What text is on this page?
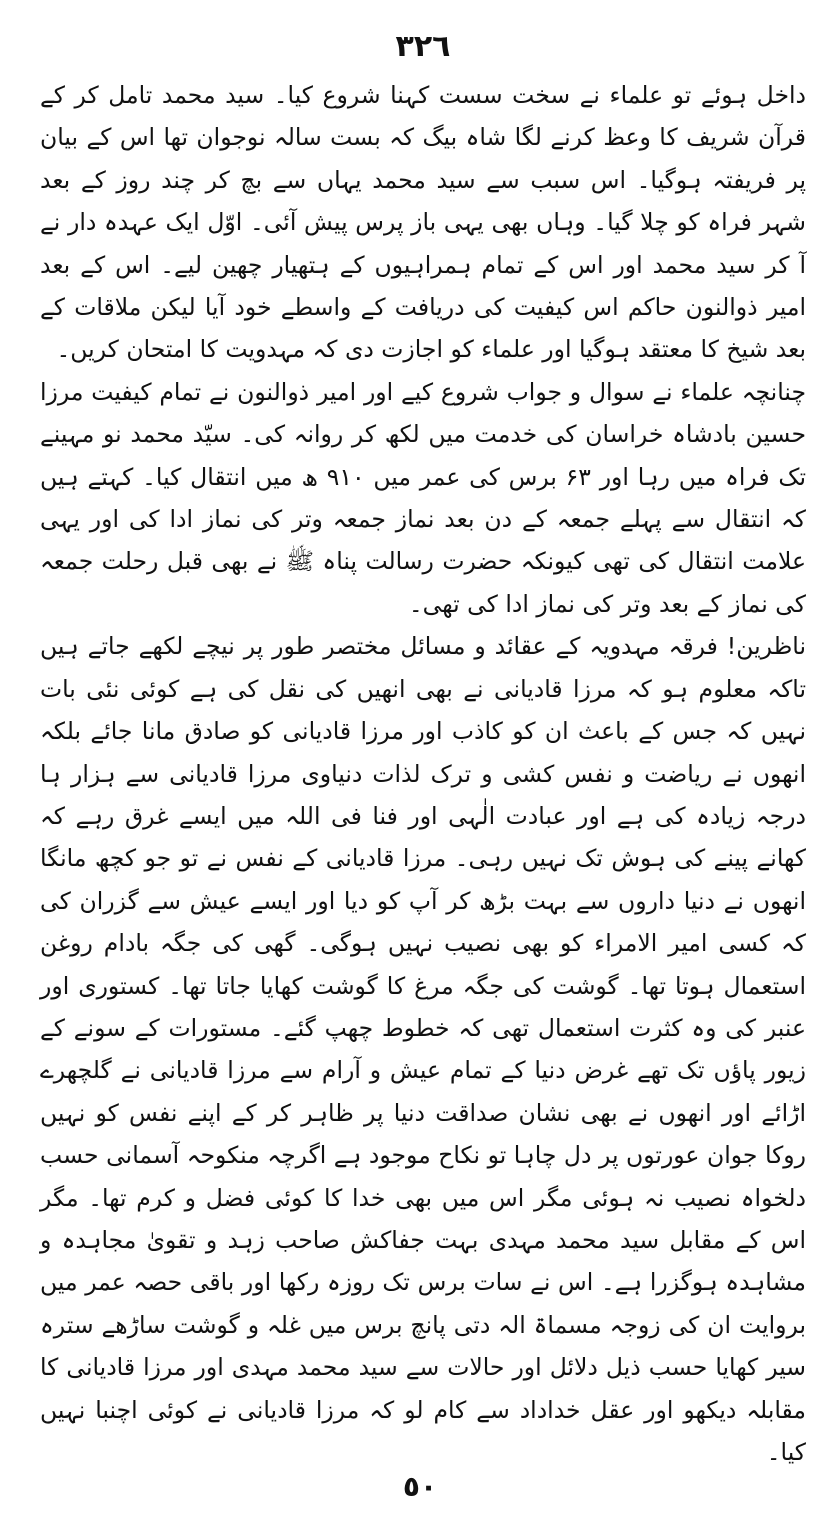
٣٢٦

داخل ہوئے تو علماء نے سخت سست کہنا شروع کیا۔ سید محمد تامل کر کے قرآن شریف کا وعظ کرنے لگا شاہ بیگ کہ بست سالہ نوجوان تھا اس کے بیان پر فریفتہ ہوگیا۔ اس سبب سے سید محمد یہاں سے بچ کر چند روز کے بعد شہر فراہ کو چلا گیا۔ وہاں بھی یہی باز پرس پیش آئی۔ اوّل ایک عہدہ دار نے آ کر سید محمد اور اس کے تمام ہمراہیوں کے ہتھیار چھین لیے۔ اس کے بعد امیر ذوالنون حاکم اس کیفیت کی دریافت کے واسطے خود آیا لیکن ملاقات کے بعد شیخ کا معتقد ہوگیا اور علماء کو اجازت دی کہ مہدویت کا امتحان کریں۔

چنانچہ علماء نے سوال و جواب شروع کیے اور امیر ذوالنون نے تمام کیفیت مرزا حسین بادشاہ خراسان کی خدمت میں لکھ کر روانہ کی۔ سیّد محمد نو مہینے تک فراہ میں رہا اور ۶۳ برس کی عمر میں ۹۱۰ ھ میں انتقال کیا۔ کہتے ہیں کہ انتقال سے پہلے جمعہ کے دن بعد نماز جمعہ وتر کی نماز ادا کی اور یہی علامت انتقال کی تھی کیونکہ حضرت رسالت پناہ ﷺ نے بھی قبل رحلت جمعہ کی نماز کے بعد وتر کی نماز ادا کی تھی۔

ناظرین! فرقہ مہدویہ کے عقائد و مسائل مختصر طور پر نیچے لکھے جاتے ہیں تاکہ معلوم ہو کہ مرزا قادیانی نے بھی انھیں کی نقل کی ہے کوئی نئی بات نہیں کہ جس کے باعث ان کو کاذب اور مرزا قادیانی کو صادق مانا جائے بلکہ انھوں نے ریاضت و نفس کشی و ترک لذات دنیاوی مرزا قادیانی سے ہزار ہا درجہ زیادہ کی ہے اور عبادت الٰہی اور فنا فی اللہ میں ایسے غرق رہے کہ کھانے پینے کی ہوش تک نہیں رہی۔ مرزا قادیانی کے نفس نے تو جو کچھ مانگا انھوں نے دنیا داروں سے بہت بڑھ کر آپ کو دیا اور ایسے عیش سے گزران کی کہ کسی امیر الامراء کو بھی نصیب نہیں ہوگی۔ گھی کی جگہ بادام روغن استعمال ہوتا تھا۔ گوشت کی جگہ مرغ کا گوشت کھایا جاتا تھا۔ کستوری اور عنبر کی وہ کثرت استعمال تھی کہ خطوط چھپ گئے۔ مستورات کے سونے کے زیور پاؤں تک تھے غرض دنیا کے تمام عیش و آرام سے مرزا قادیانی نے گلچھرے اڑائے اور انھوں نے بھی نشان صداقت دنیا پر ظاہر کر کے اپنے نفس کو نہیں روکا جوان عورتوں پر دل چاہا تو نکاح موجود ہے اگرچہ منکوحہ آسمانی حسب دلخواہ نصیب نہ ہوئی مگر اس میں بھی خدا کا کوئی فضل و کرم تھا۔ مگر اس کے مقابل سید محمد مہدی بہت جفاکش صاحب زہد و تقویٰ مجاہدہ و مشاہدہ ہوگزرا ہے۔ اس نے سات برس تک روزہ رکھا اور باقی حصہ عمر میں بروایت ان کی زوجہ مسماۃ الہ دتی پانچ برس میں غلہ و گوشت ساڑھے سترہ سیر کھایا حسب ذیل دلائل اور حالات سے سید محمد مہدی اور مرزا قادیانی کا مقابلہ دیکھو اور عقل خداداد سے کام لو کہ مرزا قادیانی نے کوئی اچنبا نہیں کیا۔

٥٠
